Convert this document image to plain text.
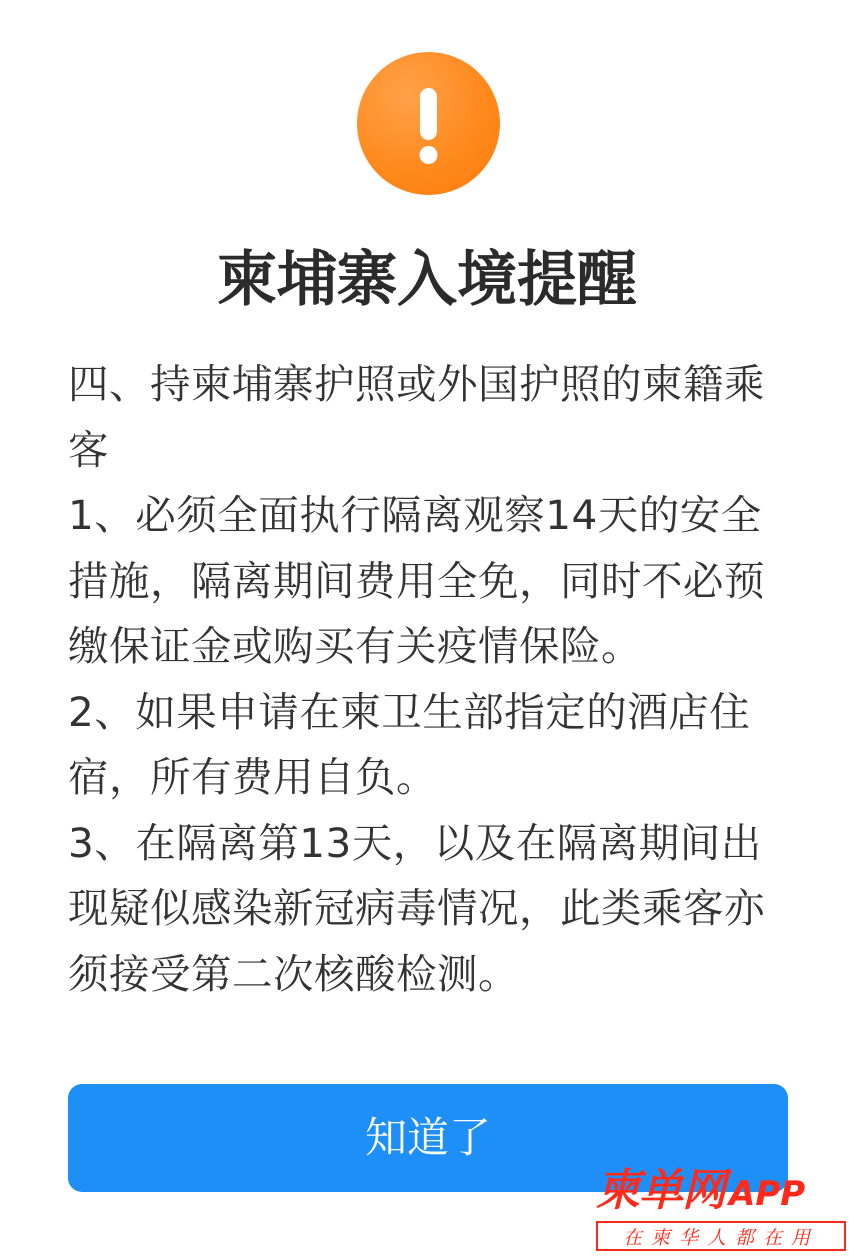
柬埔寨入境提醒

四、持柬埔寨护照或外国护照的柬籍乘客

1、必须全面执行隔离观察14天的安全措施，隔离期间费用全免，同时不必预缴保证金或购买有关疫情保险。

2、如果申请在柬卫生部指定的酒店住宿，所有费用自负。

3、在隔离第13天，以及在隔离期间出现疑似感染新冠病毒情况，此类乘客亦须接受第二次核酸检测。

知道了
柬单网 APP
在柬华人都在用
